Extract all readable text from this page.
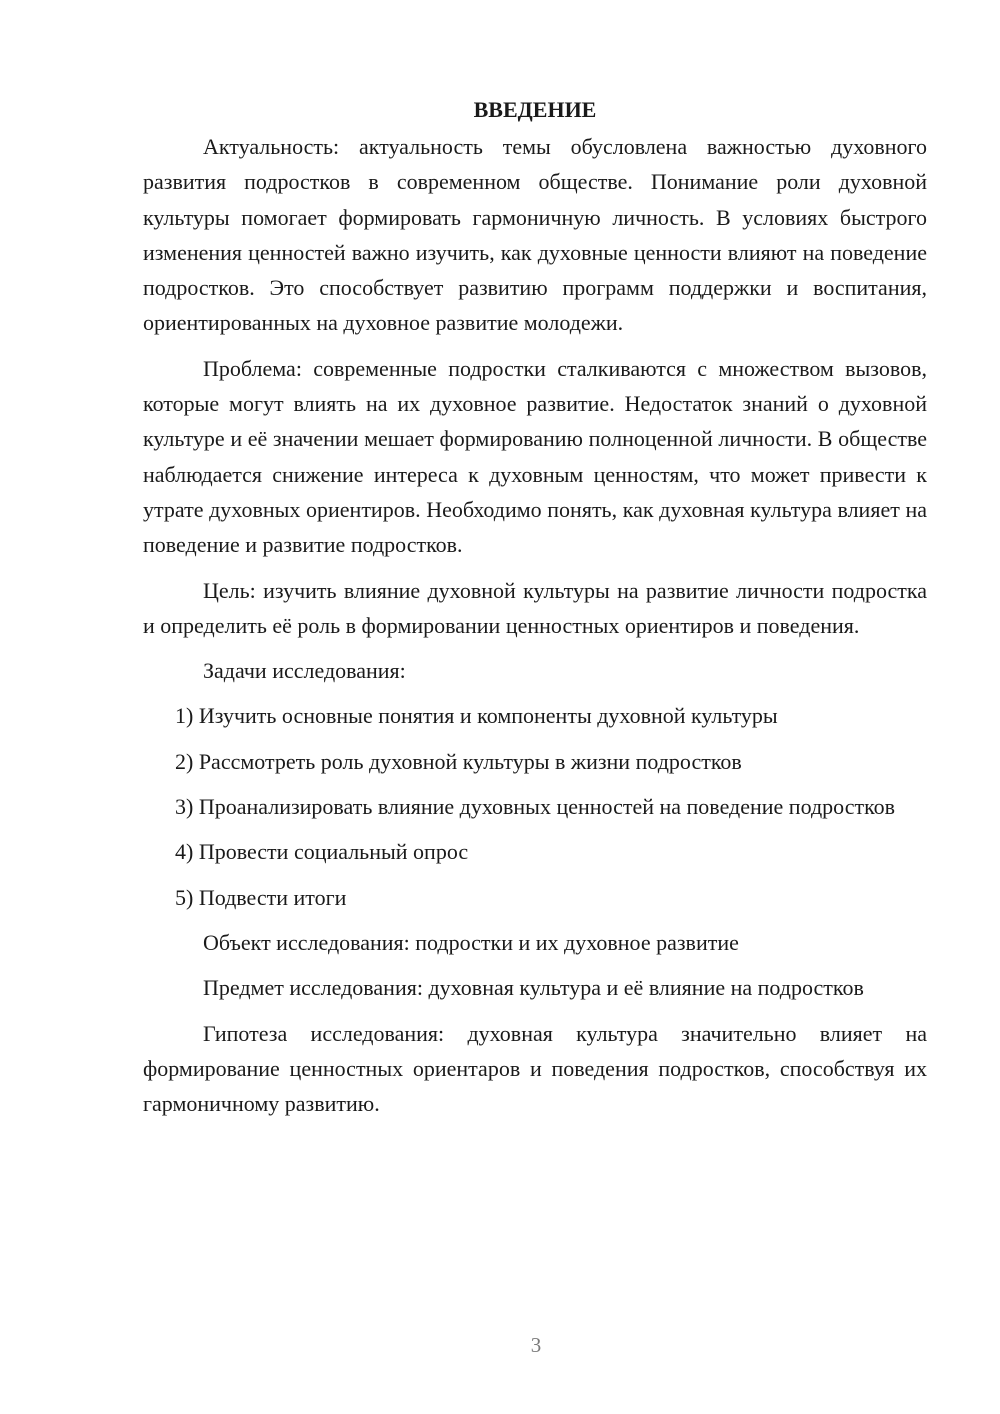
ВВЕДЕНИЕ

Актуальность: актуальность темы обусловлена важностью духовного развития подростков в современном обществе. Понимание роли духовной культуры помогает формировать гармоничную личность. В условиях быстрого изменения ценностей важно изучить, как духовные ценности влияют на поведение подростков. Это способствует развитию программ поддержки и воспитания, ориентированных на духовное развитие молодежи.

Проблема: современные подростки сталкиваются с множеством вызовов, которые могут влиять на их духовное развитие. Недостаток знаний о духовной культуре и её значении мешает формированию полноценной личности. В обществе наблюдается снижение интереса к духовным ценностям, что может привести к утрате духовных ориентиров. Необходимо понять, как духовная культура влияет на поведение и развитие подростков.

Цель: изучить влияние духовной культуры на развитие личности подростка и определить её роль в формировании ценностных ориентиров и поведения.

Задачи исследования:

1) Изучить основные понятия и компоненты духовной культуры

2) Рассмотреть роль духовной культуры в жизни подростков

3) Проанализировать влияние духовных ценностей на поведение подростков

4) Провести социальный опрос

5) Подвести итоги

Объект исследования: подростки и их духовное развитие

Предмет исследования: духовная культура и её влияние на подростков

Гипотеза исследования: духовная культура значительно влияет на формирование ценностных ориентаров и поведения подростков, способствуя их гармоничному развитию.

3
